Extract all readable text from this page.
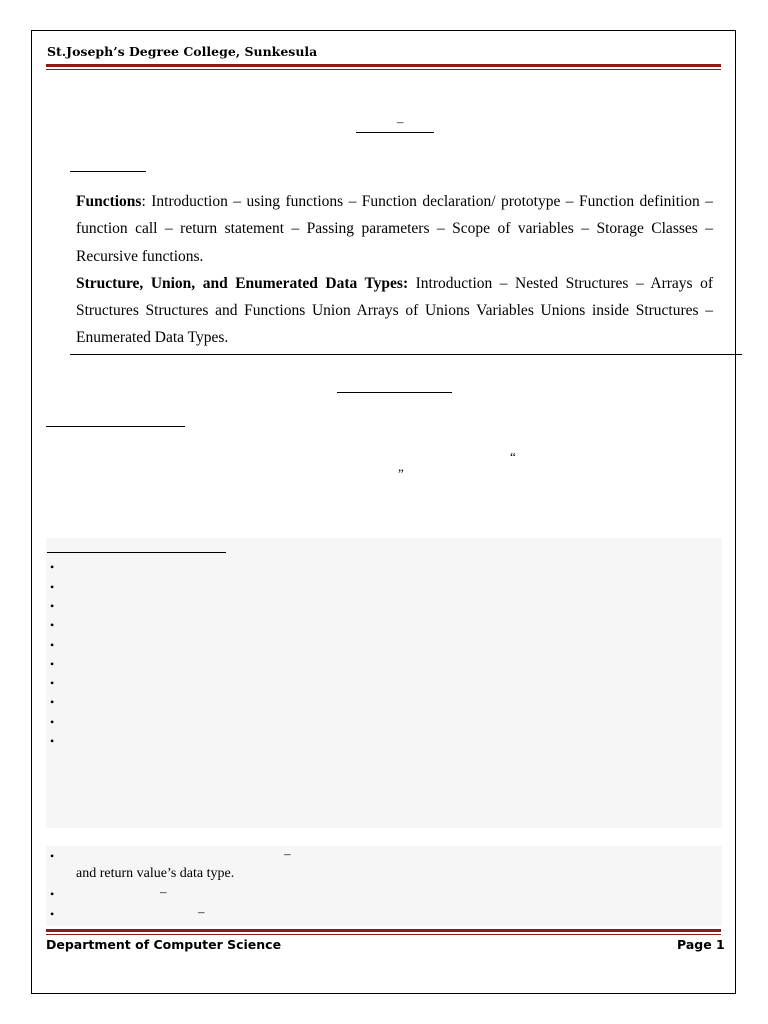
St.Joseph’s Degree College, Sunkesula
–

Functions: Introduction – using functions – Function declaration/ prototype – Function definition – function call – return statement – Passing parameters – Scope of variables – Storage Classes – Recursive functions.

Structure, Union, and Enumerated Data Types: Introduction – Nested Structures – Arrays of Structures Structures and Functions Union Arrays of Unions Variables Unions inside Structures – Enumerated Data Types.

“
”
•
•
•
•
•
•
•
•
•
•
•	–
and return value’s data type.
•	–
•	–
Department of Computer Science	Page 1
